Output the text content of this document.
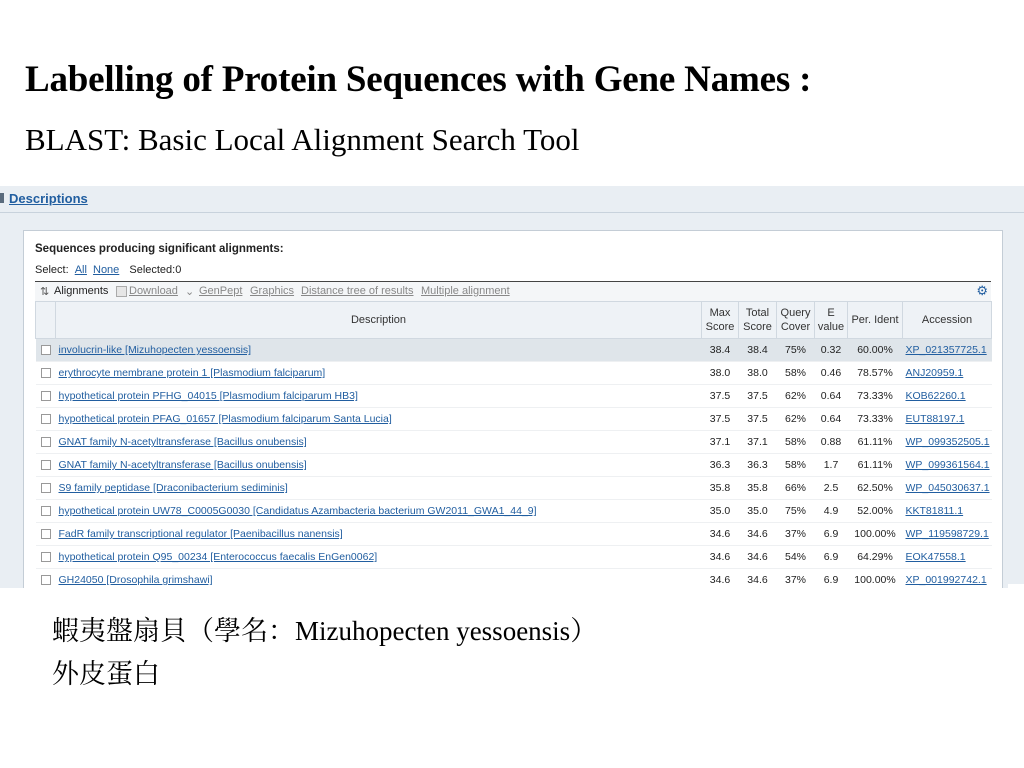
Labelling of Protein Sequences with Gene Names :

BLAST: Basic Local Alignment Search Tool

Descriptions
Sequences producing significant alignments:
Select: All None Selected:0
⇅ Alignments Download ⌄ GenPept Graphics Distance tree of results Multiple alignment	⚙
	Description	Max Score	Total Score	Query Cover	E value	Per. Ident	Accession
	involucrin-like [Mizuhopecten yessoensis]	38.4	38.4	75%	0.32	60.00%	XP_021357725.1
	erythrocyte membrane protein 1 [Plasmodium falciparum]	38.0	38.0	58%	0.46	78.57%	ANJ20959.1
	hypothetical protein PFHG_04015 [Plasmodium falciparum HB3]	37.5	37.5	62%	0.64	73.33%	KOB62260.1
	hypothetical protein PFAG_01657 [Plasmodium falciparum Santa Lucia]	37.5	37.5	62%	0.64	73.33%	EUT88197.1
	GNAT family N-acetyltransferase [Bacillus onubensis]	37.1	37.1	58%	0.88	61.11%	WP_099352505.1
	GNAT family N-acetyltransferase [Bacillus onubensis]	36.3	36.3	58%	1.7	61.11%	WP_099361564.1
	S9 family peptidase [Draconibacterium sediminis]	35.8	35.8	66%	2.5	62.50%	WP_045030637.1
	hypothetical protein UW78_C0005G0030 [Candidatus Azambacteria bacterium GW2011_GWA1_44_9]	35.0	35.0	75%	4.9	52.00%	KKT81811.1
	FadR family transcriptional regulator [Paenibacillus nanensis]	34.6	34.6	37%	6.9	100.00%	WP_119598729.1
	hypothetical protein Q95_00234 [Enterococcus faecalis EnGen0062]	34.6	34.6	54%	6.9	64.29%	EOK47558.1
	GH24050 [Drosophila grimshawi]	34.6	34.6	37%	6.9	100.00%	XP_001992742.1

蝦夷盤扇貝（學名：Mizuhopecten yessoensis）
外皮蛋白
